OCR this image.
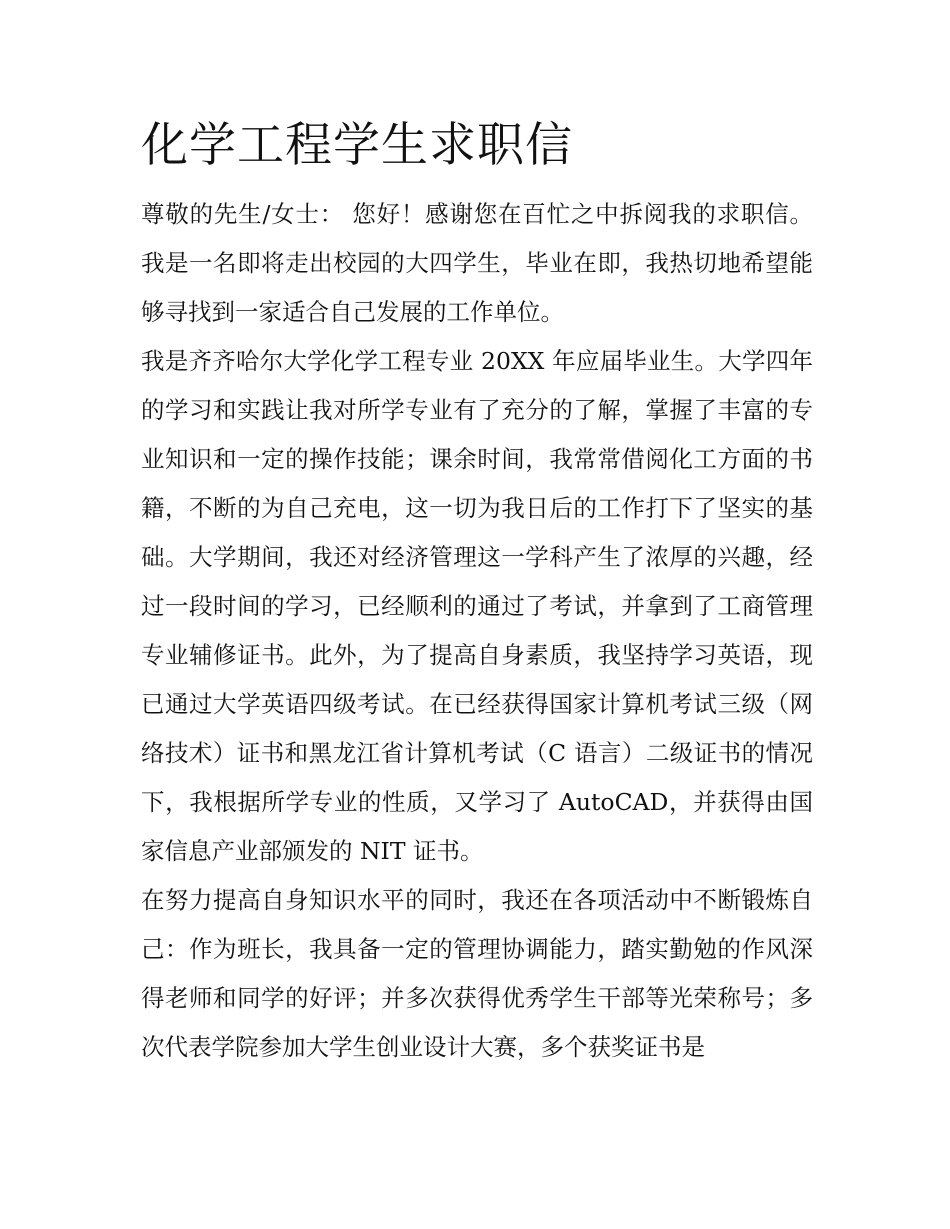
化学工程学生求职信

尊敬的先生/女士： 您好！感谢您在百忙之中拆阅我的求职信。我是一名即将走出校园的大四学生，毕业在即，我热切地希望能够寻找到一家适合自己发展的工作单位。

我是齐齐哈尔大学化学工程专业 20XX 年应届毕业生。大学四年的学习和实践让我对所学专业有了充分的了解，掌握了丰富的专业知识和一定的操作技能；课余时间，我常常借阅化工方面的书籍，不断的为自己充电，这一切为我日后的工作打下了坚实的基础。大学期间，我还对经济管理这一学科产生了浓厚的兴趣，经过一段时间的学习，已经顺利的通过了考试，并拿到了工商管理专业辅修证书。此外，为了提高自身素质，我坚持学习英语，现已通过大学英语四级考试。在已经获得国家计算机考试三级（网络技术）证书和黑龙江省计算机考试（C 语言）二级证书的情况下，我根据所学专业的性质，又学习了 AutoCAD，并获得由国家信息产业部颁发的 NIT 证书。

在努力提高自身知识水平的同时，我还在各项活动中不断锻炼自己：作为班长，我具备一定的管理协调能力，踏实勤勉的作风深得老师和同学的好评；并多次获得优秀学生干部等光荣称号；多次代表学院参加大学生创业设计大赛，多个获奖证书是
